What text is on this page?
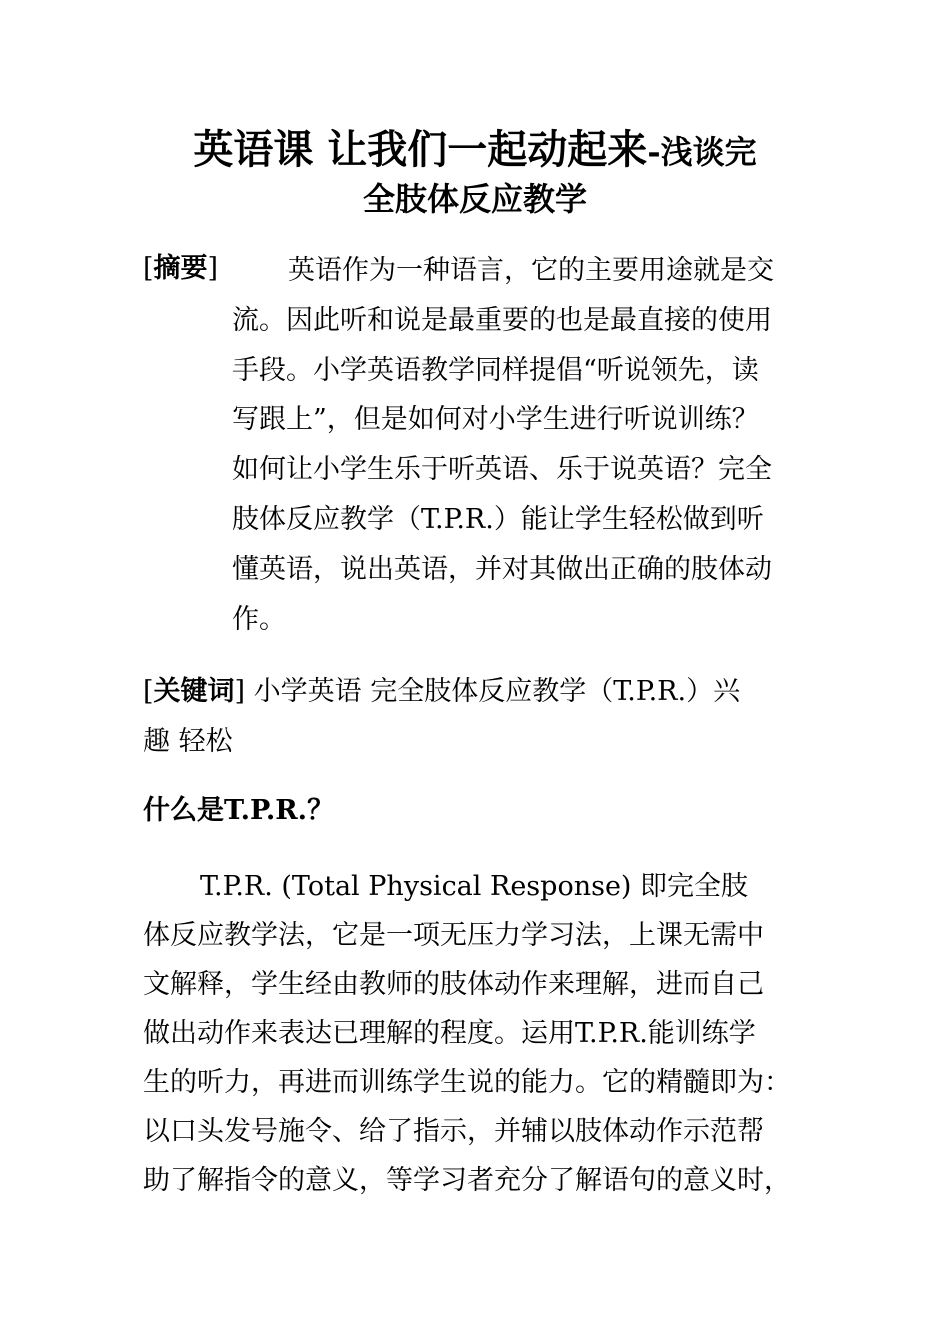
英语课 让我们一起动起来-浅谈完
全肢体反应教学
[摘要]	英语作为一种语言，它的主要用途就是交
流。因此听和说是最重要的也是最直接的使用
手段。小学英语教学同样提倡“听说领先，读
写跟上”，但是如何对小学生进行听说训练？
如何让小学生乐于听英语、乐于说英语？完全
肢体反应教学（T.P.R.）能让学生轻松做到听
懂英语，说出英语，并对其做出正确的肢体动
作。
[关键词] 小学英语 完全肢体反应教学（T.P.R.）兴
趣 轻松
什么是T.P.R.？
T.P.R. (Total Physical Response) 即完全肢
体反应教学法，它是一项无压力学习法，上课无需中
文解释，学生经由教师的肢体动作来理解，进而自己
做出动作来表达已理解的程度。运用T.P.R.能训练学
生的听力，再进而训练学生说的能力。它的精髓即为：
以口头发号施令、给了指示，并辅以肢体动作示范帮
助了解指令的意义，等学习者充分了解语句的意义时，
